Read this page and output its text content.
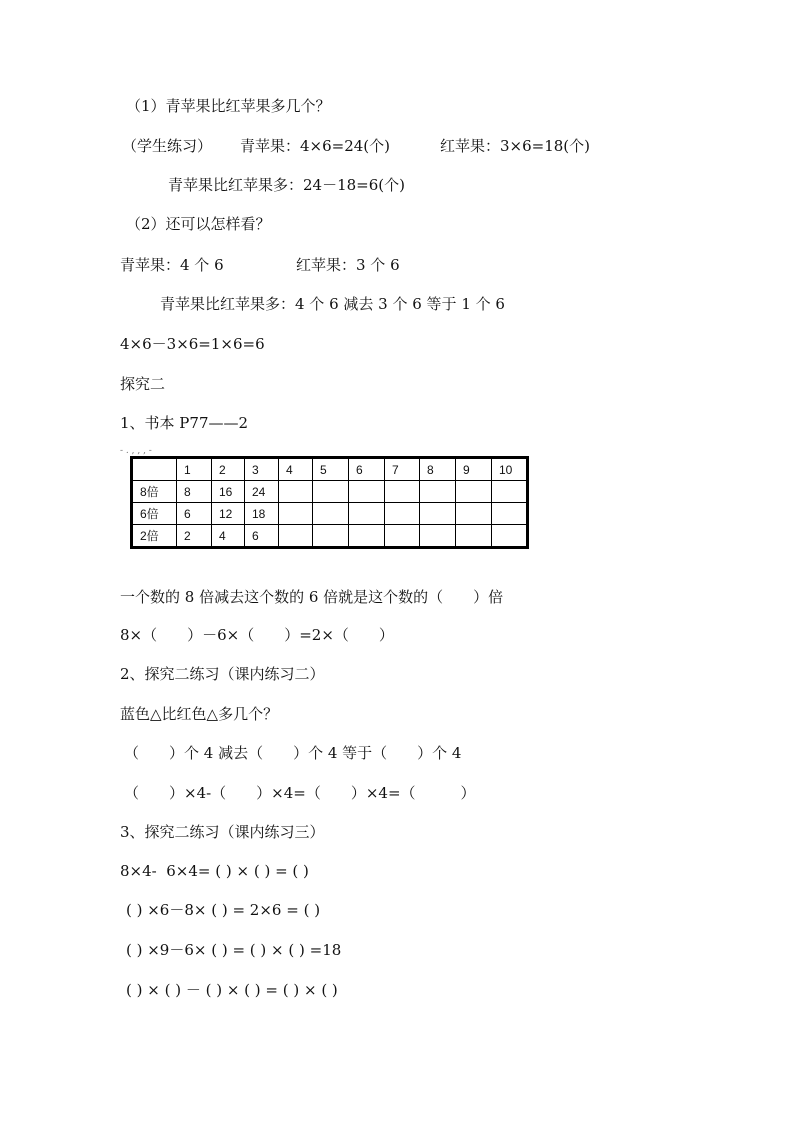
（1）青苹果比红苹果多几个？
（学生练习） 青苹果：4×6=24(个)	红苹果：3×6=18(个)
青苹果比红苹果多：24－18=6(个)
（2）还可以怎样看？
青苹果：4 个 6	红苹果：3 个 6
青苹果比红苹果多：4 个 6 减去 3 个 6 等于 1 个 6
4×6－3×6=1×6=6
探究二
1、书本 P77——2
- . , , , -
	1	2	3	4	5	6	7	8	9	10
8倍	8	16	24							
6倍	6	12	18							
2倍	2	4	6							
一个数的 8 倍减去这个数的 6 倍就是这个数的（　　）倍
8×（　　）－6×（　　）=2×（　　）
2、探究二练习（课内练习二）
蓝色△比红色△多几个？
（　　）个 4 减去（　　）个 4 等于（　　）个 4
（　　）×4-（　　）×4=（　　）×4=（　　　）
3、探究二练习（课内练习三）
8×4-  6×4= ( ) × ( ) = ( )
( ) ×6－8× ( ) = 2×6 = ( )
( ) ×9－6× ( ) = ( ) × ( ) =18
( ) × ( ) － ( ) × ( ) = ( ) × ( )
